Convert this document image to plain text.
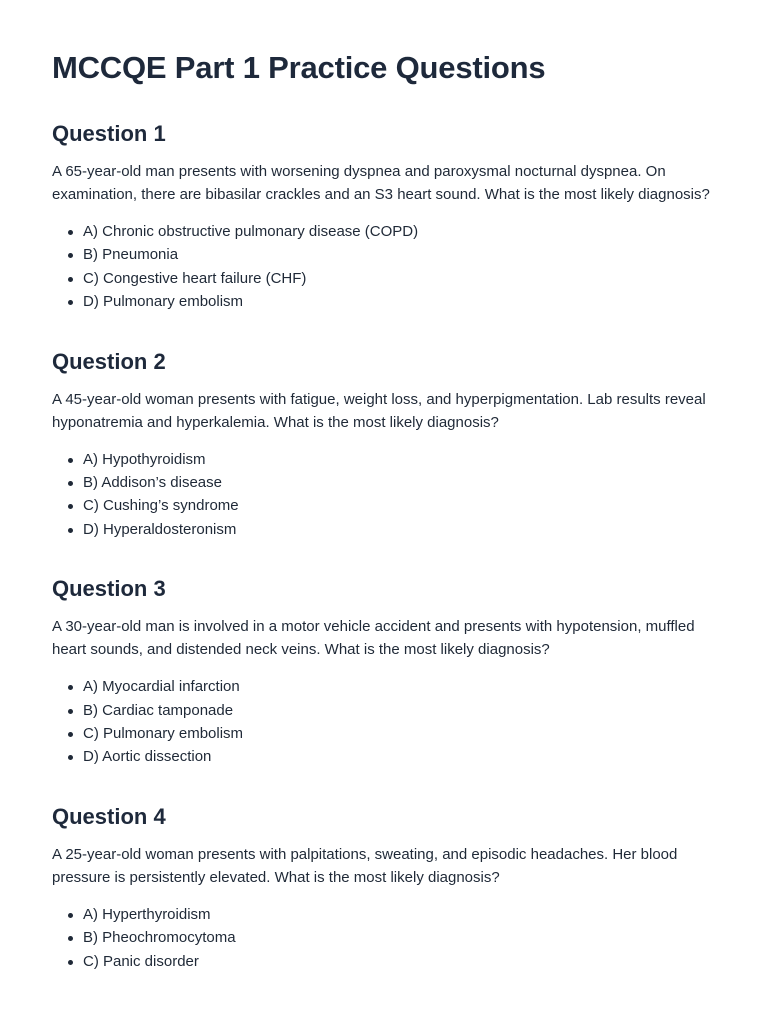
MCCQE Part 1 Practice Questions
Question 1

A 65-year-old man presents with worsening dyspnea and paroxysmal nocturnal dyspnea. On examination, there are bibasilar crackles and an S3 heart sound. What is the most likely diagnosis?

A) Chronic obstructive pulmonary disease (COPD)
B) Pneumonia
C) Congestive heart failure (CHF)
D) Pulmonary embolism
Question 2

A 45-year-old woman presents with fatigue, weight loss, and hyperpigmentation. Lab results reveal hyponatremia and hyperkalemia. What is the most likely diagnosis?

A) Hypothyroidism
B) Addison’s disease
C) Cushing’s syndrome
D) Hyperaldosteronism
Question 3

A 30-year-old man is involved in a motor vehicle accident and presents with hypotension, muffled heart sounds, and distended neck veins. What is the most likely diagnosis?

A) Myocardial infarction
B) Cardiac tamponade
C) Pulmonary embolism
D) Aortic dissection
Question 4

A 25-year-old woman presents with palpitations, sweating, and episodic headaches. Her blood pressure is persistently elevated. What is the most likely diagnosis?

A) Hyperthyroidism
B) Pheochromocytoma
C) Panic disorder
